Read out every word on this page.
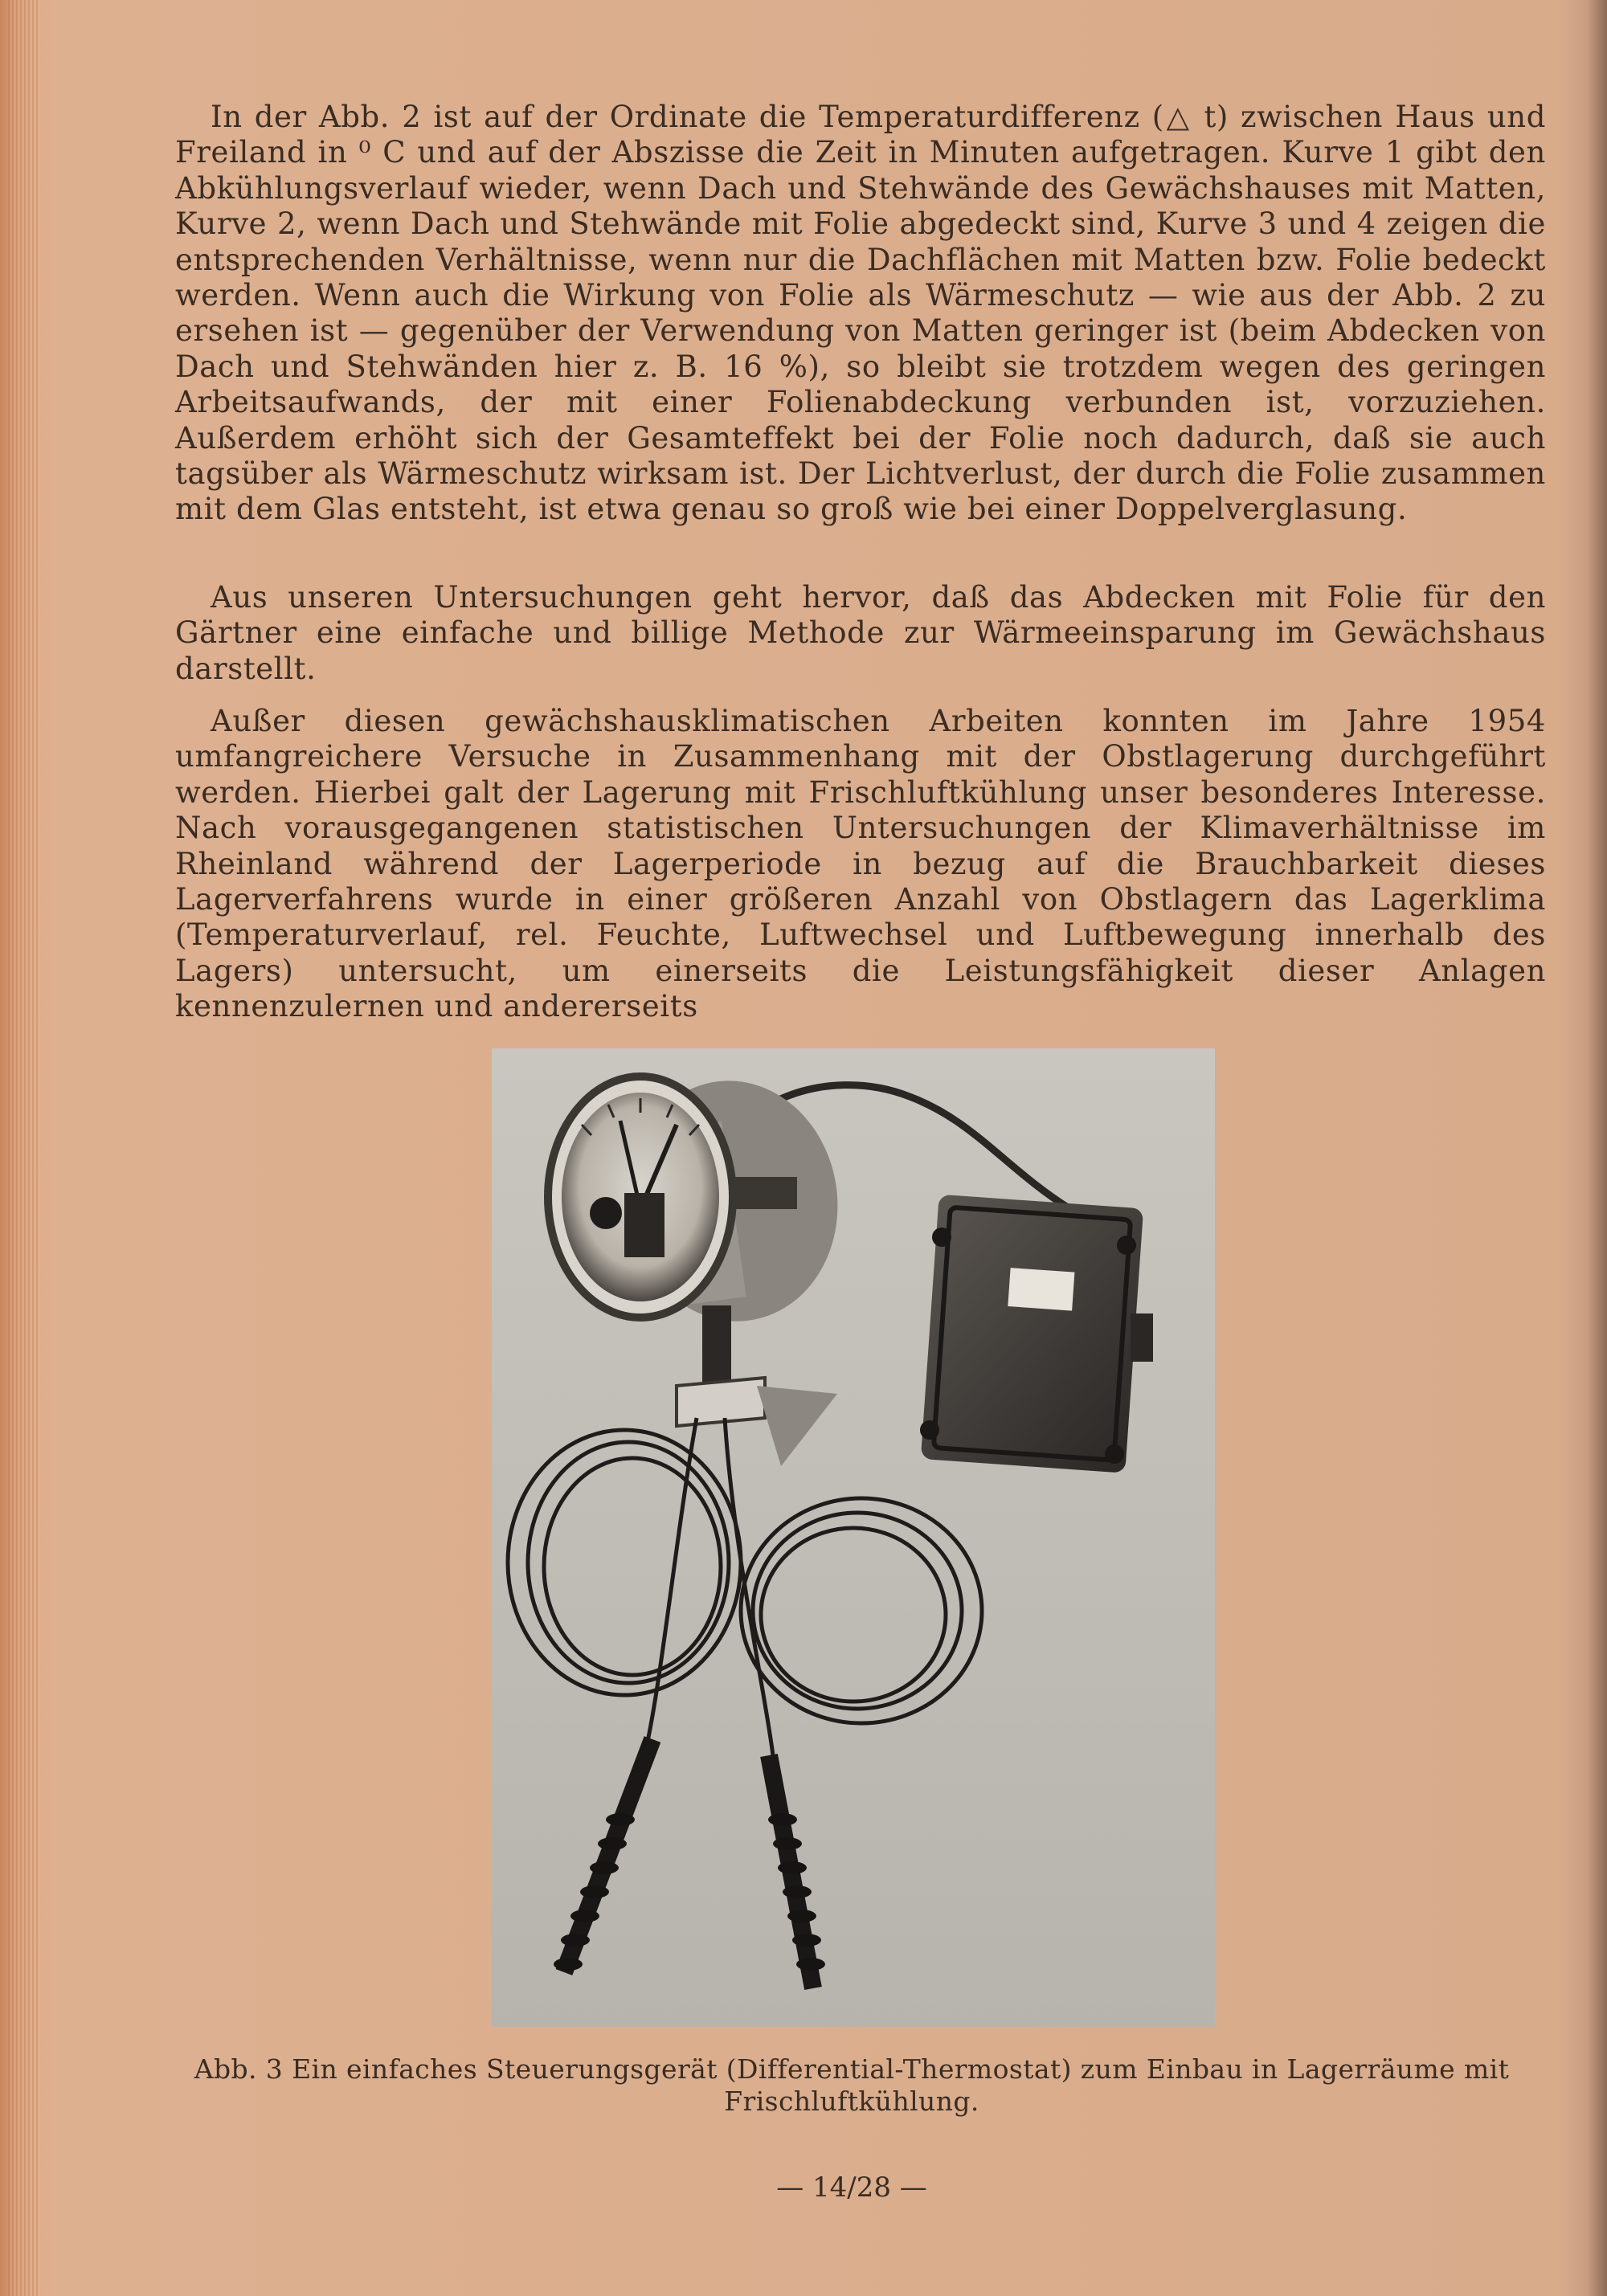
In der Abb. 2 ist auf der Ordinate die Temperaturdifferenz (△ t) zwischen Haus und Freiland in ⁰ C und auf der Abszisse die Zeit in Minuten aufgetragen. Kurve 1 gibt den Abkühlungsverlauf wieder, wenn Dach und Stehwände des Gewächshauses mit Matten, Kurve 2, wenn Dach und Stehwände mit Folie abgedeckt sind, Kurve 3 und 4 zeigen die entsprechenden Verhältnisse, wenn nur die Dachflächen mit Matten bzw. Folie bedeckt werden. Wenn auch die Wirkung von Folie als Wärmeschutz — wie aus der Abb. 2 zu ersehen ist — gegenüber der Verwendung von Matten geringer ist (beim Abdecken von Dach und Stehwänden hier z. B. 16 %), so bleibt sie trotzdem wegen des geringen Arbeitsaufwands, der mit einer Folienabdeckung verbunden ist, vorzuziehen. Außerdem erhöht sich der Gesamteffekt bei der Folie noch dadurch, daß sie auch tagsüber als Wärmeschutz wirksam ist. Der Lichtverlust, der durch die Folie zusammen mit dem Glas entsteht, ist etwa genau so groß wie bei einer Doppelverglasung.

Aus unseren Untersuchungen geht hervor, daß das Abdecken mit Folie für den Gärtner eine einfache und billige Methode zur Wärmeeinsparung im Gewächshaus darstellt.

Außer diesen gewächshausklimatischen Arbeiten konnten im Jahre 1954 umfangreichere Versuche in Zusammenhang mit der Obstlagerung durchgeführt werden. Hierbei galt der Lagerung mit Frischluftkühlung unser besonderes Interesse. Nach vorausgegangenen statistischen Untersuchungen der Klimaverhältnisse im Rheinland während der Lagerperiode in bezug auf die Brauchbarkeit dieses Lagerverfahrens wurde in einer größeren Anzahl von Obstlagern das Lagerklima (Temperaturverlauf, rel. Feuchte, Luftwechsel und Luftbewegung innerhalb des Lagers) untersucht, um einerseits die Leistungsfähigkeit dieser Anlagen kennenzulernen und andererseits

Abb. 3 Ein einfaches Steuerungsgerät (Differential-Thermostat) zum Einbau in Lagerräume mit Frischluftkühlung.
— 14/28 —
